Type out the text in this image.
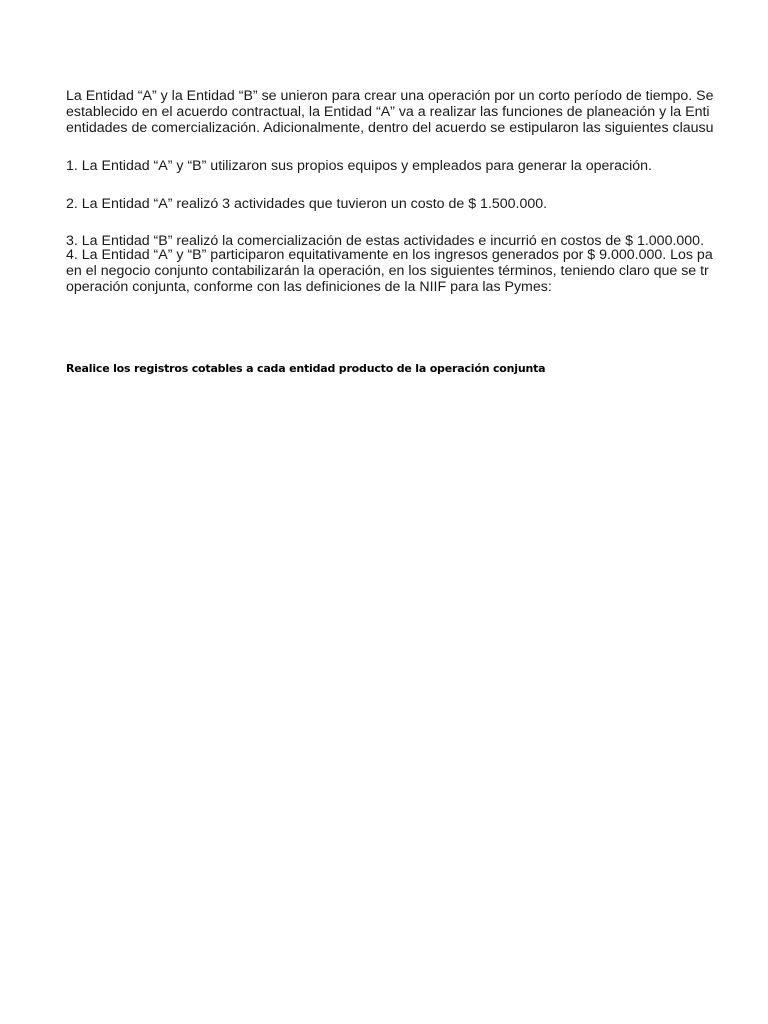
La Entidad “A” y la Entidad “B” se unieron para crear una operación por un corto período de tiempo. Se
establecido en el acuerdo contractual, la Entidad “A” va a realizar las funciones de planeación y la Enti
entidades de comercialización. Adicionalmente, dentro del acuerdo se estipularon las siguientes clausu

1. La Entidad “A” y “B” utilizaron sus propios equipos y empleados para generar la operación.

2. La Entidad “A” realizó 3 actividades que tuvieron un costo de $ 1.500.000.

3. La Entidad “B” realizó la comercialización de estas actividades e incurrió en costos de $ 1.000.000.

4. La Entidad “A” y “B” participaron equitativamente en los ingresos generados por $ 9.000.000. Los pa
en el negocio conjunto contabilizarán la operación, en los siguientes términos, teniendo claro que se tr
operación conjunta, conforme con las definiciones de la NIIF para las Pymes:

Realice los registros cotables a cada entidad producto de la operación conjunta
